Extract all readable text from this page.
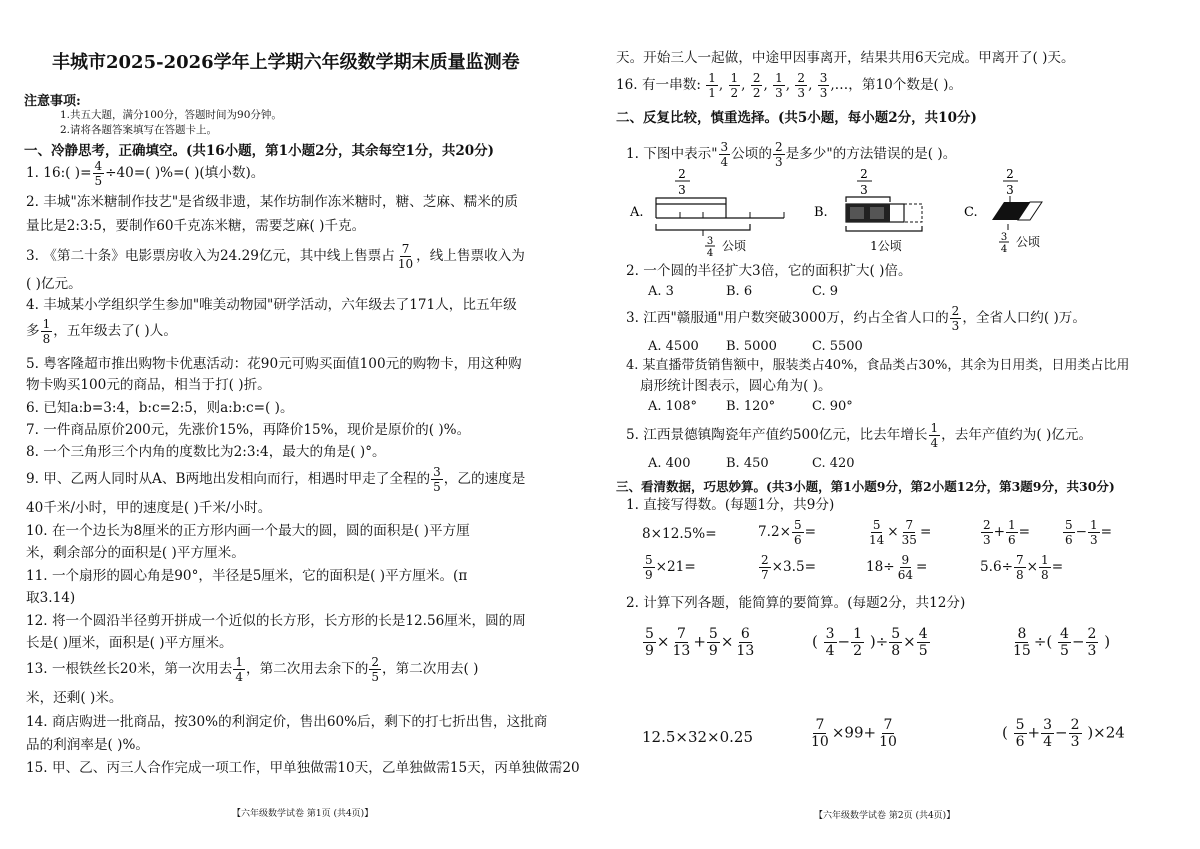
丰城市2025-2026学年上学期六年级数学期末质量监测卷
注意事项:
1.共五大题，满分100分，答题时间为90分钟。
2.请将各题答案填写在答题卡上。
一、冷静思考，正确填空。(共16小题，第1小题2分，其余每空1分，共20分)
1. 16:( )= $\frac{4}{5} \div 40=$( )%=( )(填小数)。
2. 丰城"冻米糖制作技艺"是省级非遗，某作坊制作冻米糖时，糖、芝麻、糯米的质
量比是2:3:5，要制作60千克冻米糖，需要芝麻( )千克。
3. 《第二十条》电影票房收入为24.29亿元，其中线上售票占 $\frac{7}{10}$ ，线上售票收入为
( )亿元。
4. 丰城某小学组织学生参加"唯美动物园"研学活动，六年级去了171人，比五年级
多 $\frac{1}{8}$ ，五年级去了( )人。
5. 粤客隆超市推出购物卡优惠活动：花90元可购买面值100元的购物卡，用这种购
物卡购买100元的商品，相当于打( )折。
6. 已知a:b=3:4，b:c=2:5，则a:b:c=( )。
7. 一件商品原价200元，先涨价15%，再降价15%，现价是原价的( )%。
8. 一个三角形三个内角的度数比为2:3:4，最大的角是( )°。
9. 甲、乙两人同时从A、B两地出发相向而行，相遇时甲走了全程的 $\frac{3}{5}$ ，乙的速度是
40千米/小时，甲的速度是( )千米/小时。
10. 在一个边长为8厘米的正方形内画一个最大的圆，圆的面积是( )平方厘
米，剩余部分的面积是( )平方厘米。
11. 一个扇形的圆心角是90°，半径是5厘米，它的面积是( )平方厘米。(π
取3.14)
12. 将一个圆沿半径剪开拼成一个近似的长方形，长方形的长是12.56厘米，圆的周
长是( )厘米，面积是( )平方厘米。
13. 一根铁丝长20米，第一次用去 $\frac{1}{4}$ ，第二次用去余下的 $\frac{2}{5}$ ，第二次用去( )
米，还剩( )米。
14. 商店购进一批商品，按30%的利润定价，售出60%后，剩下的打七折出售，这批商
品的利润率是( )%。
15. 甲、乙、丙三人合作完成一项工作，甲单独做需10天，乙单独做需15天，丙单独做需20
【六年级数学试卷 第1页 (共4页)】
天。开始三人一起做，中途甲因事离开，结果共用6天完成。甲离开了( )天。
16. 有一串数: $\frac{1}{1}$ , $\frac{1}{2}$ , $\frac{2}{2}$ , $\frac{1}{3}$ , $\frac{2}{3}$ , $\frac{3}{3}$ ,…，第10个数是( )。
二、反复比较，慎重选择。(共5小题，每小题2分，共10分)
1. 下图中表示" $\frac{3}{4}$ 公顷的 $\frac{2}{3}$ 是多少"的方法错误的是( )。
A.
2
3
3
4
公顷
B.
2
3
1公顷
C.
2
3
3
4
公顷
2. 一个圆的半径扩大3倍，它的面积扩大( )倍。
A. 3	B. 6	C. 9
3. 江西"赣服通"用户数突破3000万，约占全省人口的 $\frac{2}{3}$ ，全省人口约( )万。
A. 4500 B. 5000	C. 5500
4. 某直播带货销售额中，服装类占40%，食品类占30%，其余为日用类，日用类占比用
扇形统计图表示，圆心角为( )。
A. 108° B. 120°	C. 90°
5. 江西景德镇陶瓷年产值约500亿元，比去年增长 $\frac{1}{4}$ ，去年产值约为( )亿元。
A. 400	B. 450	C. 420
三、看清数据，巧思妙算。(共3小题，第1小题9分，第2小题12分，第3题9分，共30分)
1. 直接写得数。(每题1分，共9分)
8×12.5%=	$7.2\times \frac{5}{6}$ =	$\frac{5}{14} \times \frac{7}{35}$ =	$\frac{2}{3} + \frac{1}{6}$ =	$\frac{5}{6} - \frac{1}{3}$ =
$\frac{5}{9} \times 21=$	$\frac{2}{7} \times 3.5=$	$18\div \frac{9}{64}$ =	$5.6\div \frac{7}{8} \times \frac{1}{8}$ =
2. 计算下列各题，能简算的要简算。(每题2分，共12分)
$\frac{5}{9} \times \frac{7}{13} + \frac{5}{9} \times \frac{6}{13}$	( $\frac{3}{4} - \frac{1}{2}$ )÷ $\frac{5}{8} \times \frac{4}{5}$	$\frac{8}{15}$ ÷( $\frac{4}{5} - \frac{2}{3}$ )
12.5×32×0.25	$\frac{7}{10} \times 99+ \frac{7}{10}$	( $\frac{5}{6} + \frac{3}{4} - \frac{2}{3} )\times 24$
【六年级数学试卷 第2页 (共4页)】
